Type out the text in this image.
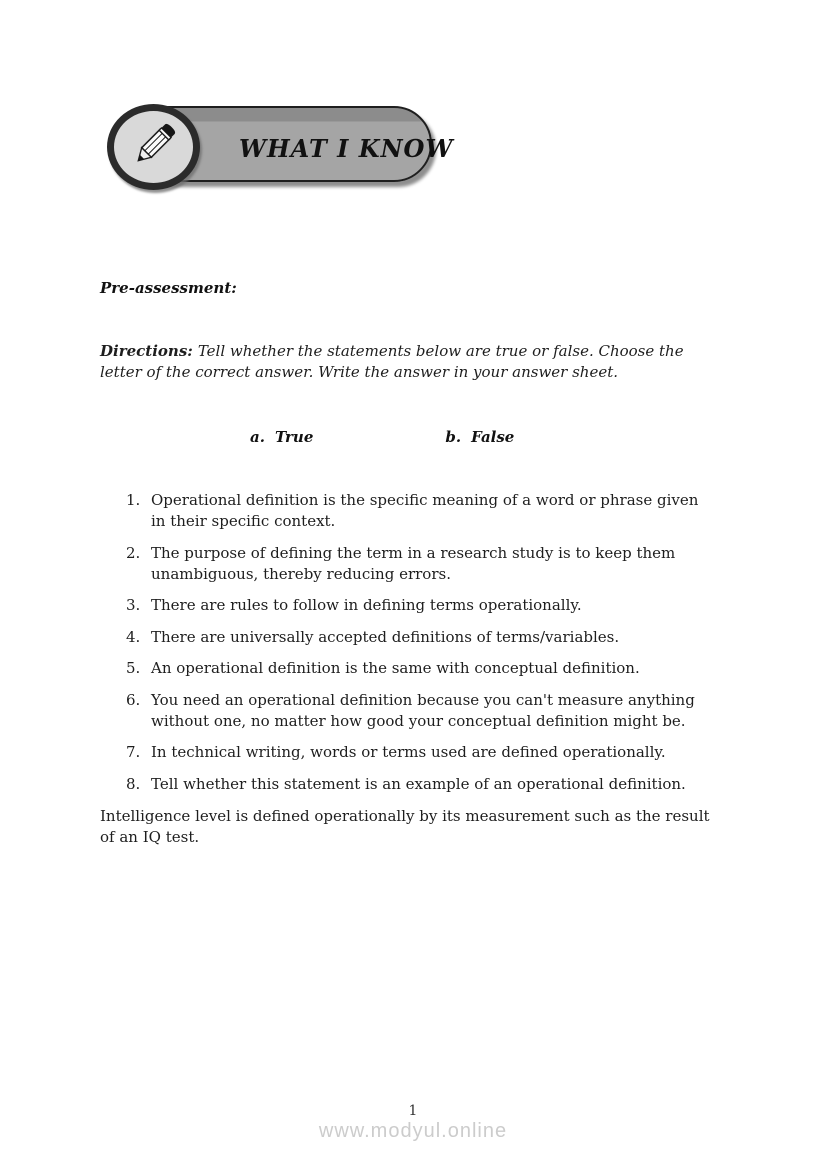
WHAT I KNOW
Pre-assessment:

Directions: Tell whether the statements below are true or false. Choose the letter of the correct answer. Write the answer in your answer sheet.

a. True	b. False
1. Operational definition is the specific meaning of a word or phrase given in their specific context.
2. The purpose of defining the term in a research study is to keep them unambiguous, thereby reducing errors.
3. There are rules to follow in defining terms operationally.
4. There are universally accepted definitions of terms/variables.
5. An operational definition is the same with conceptual definition.
6. You need an operational definition because you can't measure anything without one, no matter how good your conceptual definition might be.
7. In technical writing, words or terms used are defined operationally.
8. Tell whether this statement is an example of an operational definition.

Intelligence level is defined operationally by its measurement such as the result of an IQ test.

1
www.modyul.online
